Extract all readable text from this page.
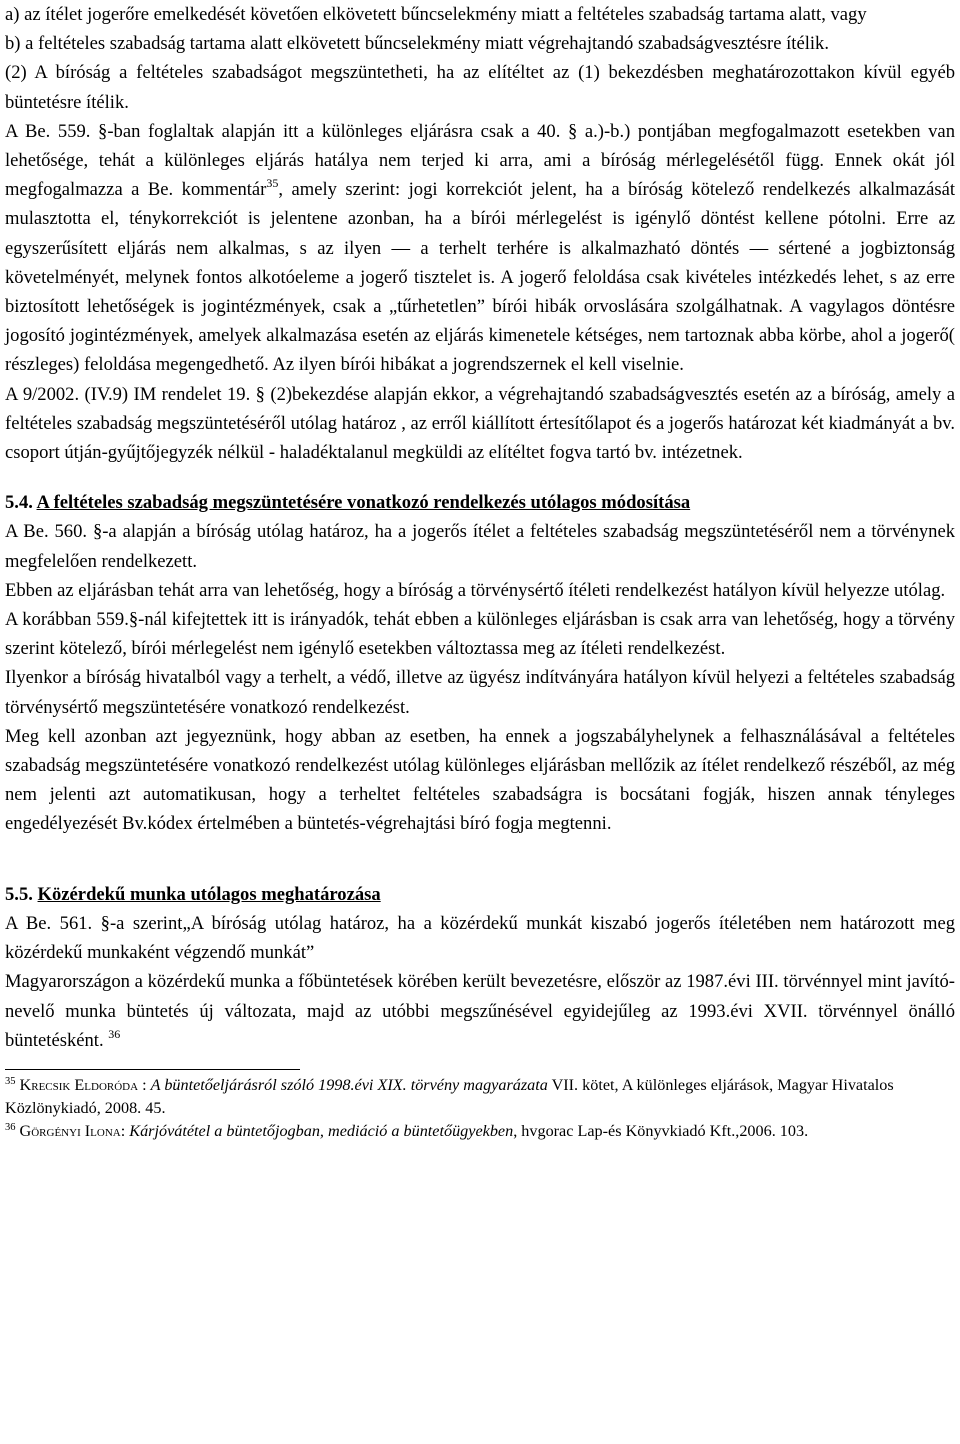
a) az ítélet jogerőre emelkedését követően elkövetett bűncselekmény miatt a feltételes szabadság tartama alatt, vagy

b) a feltételes szabadság tartama alatt elkövetett bűncselekmény miatt végrehajtandó szabadságvesztésre ítélik.

(2) A bíróság a feltételes szabadságot megszüntetheti, ha az elítéltet az (1) bekezdésben meghatározottakon kívül egyéb büntetésre ítélik.

A Be. 559. §-ban foglaltak alapján itt a különleges eljárásra csak a 40. § a.)-b.) pontjában megfogalmazott esetekben van lehetősége, tehát a különleges eljárás hatálya nem terjed ki arra, ami a bíróság mérlegelésétől függ. Ennek okát jól megfogalmazza a Be. kommentár$^{35}$, amely szerint: jogi korrekciót jelent, ha a bíróság kötelező rendelkezés alkalmazását mulasztotta el, ténykorrekciót is jelentene azonban, ha a bírói mérlegelést is igénylő döntést kellene pótolni. Erre az egyszerűsített eljárás nem alkalmas, s az ilyen ― a terhelt terhére is alkalmazható döntés ― sértené a jogbiztonság követelményét, melynek fontos alkotóeleme a jogerő tisztelet is. A jogerő feloldása csak kivételes intézkedés lehet, s az erre biztosított lehetőségek is jogintézmények, csak a „tűrhetetlen” bírói hibák orvoslására szolgálhatnak. A vagylagos döntésre jogosító jogintézmények, amelyek alkalmazása esetén az eljárás kimenetele kétséges, nem tartoznak abba körbe, ahol a jogerő( részleges) feloldása megengedhető. Az ilyen bírói hibákat a jogrendszernek el kell viselnie.

A 9/2002. (IV.9) IM rendelet 19. § (2)bekezdése alapján ekkor, a végrehajtandó szabadságvesztés esetén az a bíróság, amely a feltételes szabadság megszüntetéséről utólag határoz , az erről kiállított értesítőlapot és a jogerős határozat két kiadmányát a bv. csoport útján-gyűjtőjegyzék nélkül - haladéktalanul megküldi az elítéltet fogva tartó bv. intézetnek.

5.4. A feltételes szabadság megszüntetésére vonatkozó rendelkezés utólagos módosítása

A Be. 560. §-a alapján a bíróság utólag határoz, ha a jogerős ítélet a feltételes szabadság megszüntetéséről nem a törvénynek megfelelően rendelkezett.

Ebben az eljárásban tehát arra van lehetőség, hogy a bíróság a törvénysértő ítéleti rendelkezést hatályon kívül helyezze utólag.

A korábban 559.§-nál kifejtettek itt is irányadók, tehát ebben a különleges eljárásban is csak arra van lehetőség, hogy a törvény szerint kötelező, bírói mérlegelést nem igénylő esetekben változtassa meg az ítéleti rendelkezést.

Ilyenkor a bíróság hivatalból vagy a terhelt, a védő, illetve az ügyész indítványára hatályon kívül helyezi a feltételes szabadság törvénysértő megszüntetésére vonatkozó rendelkezést.

Meg kell azonban azt jegyeznünk, hogy abban az esetben, ha ennek a jogszabályhelynek a felhasználásával a feltételes szabadság megszüntetésére vonatkozó rendelkezést utólag különleges eljárásban mellőzik az ítélet rendelkező részéből, az még nem jelenti azt automatikusan, hogy a terheltet feltételes szabadságra is bocsátani fogják, hiszen annak tényleges engedélyezését Bv.kódex értelmében a büntetés-végrehajtási bíró fogja megtenni.

5.5. Közérdekű munka utólagos meghatározása

A Be. 561. §-a szerint„A bíróság utólag határoz, ha a közérdekű munkát kiszabó jogerős ítéletében nem határozott meg közérdekű munkaként végzendő munkát”

Magyarországon a közérdekű munka a főbüntetések körében került bevezetésre, először az 1987.évi III. törvénnyel mint javító-nevelő munka büntetés új változata, majd az utóbbi megszűnésével egyidejűleg az 1993.évi XVII. törvénnyel önálló büntetésként. $^{36}$

$^{35}$ Krecsik Eldoróda : A büntetőeljárásról szóló 1998.évi XIX. törvény magyarázata VII. kötet, A különleges eljárások, Magyar Hivatalos Közlönykiadó, 2008. 45.

$^{36}$ Görgényi Ilona: Kárjóvátétel a büntetőjogban, mediáció a büntetőügyekben, hvgorac Lap-és Könyvkiadó Kft.,2006. 103.
